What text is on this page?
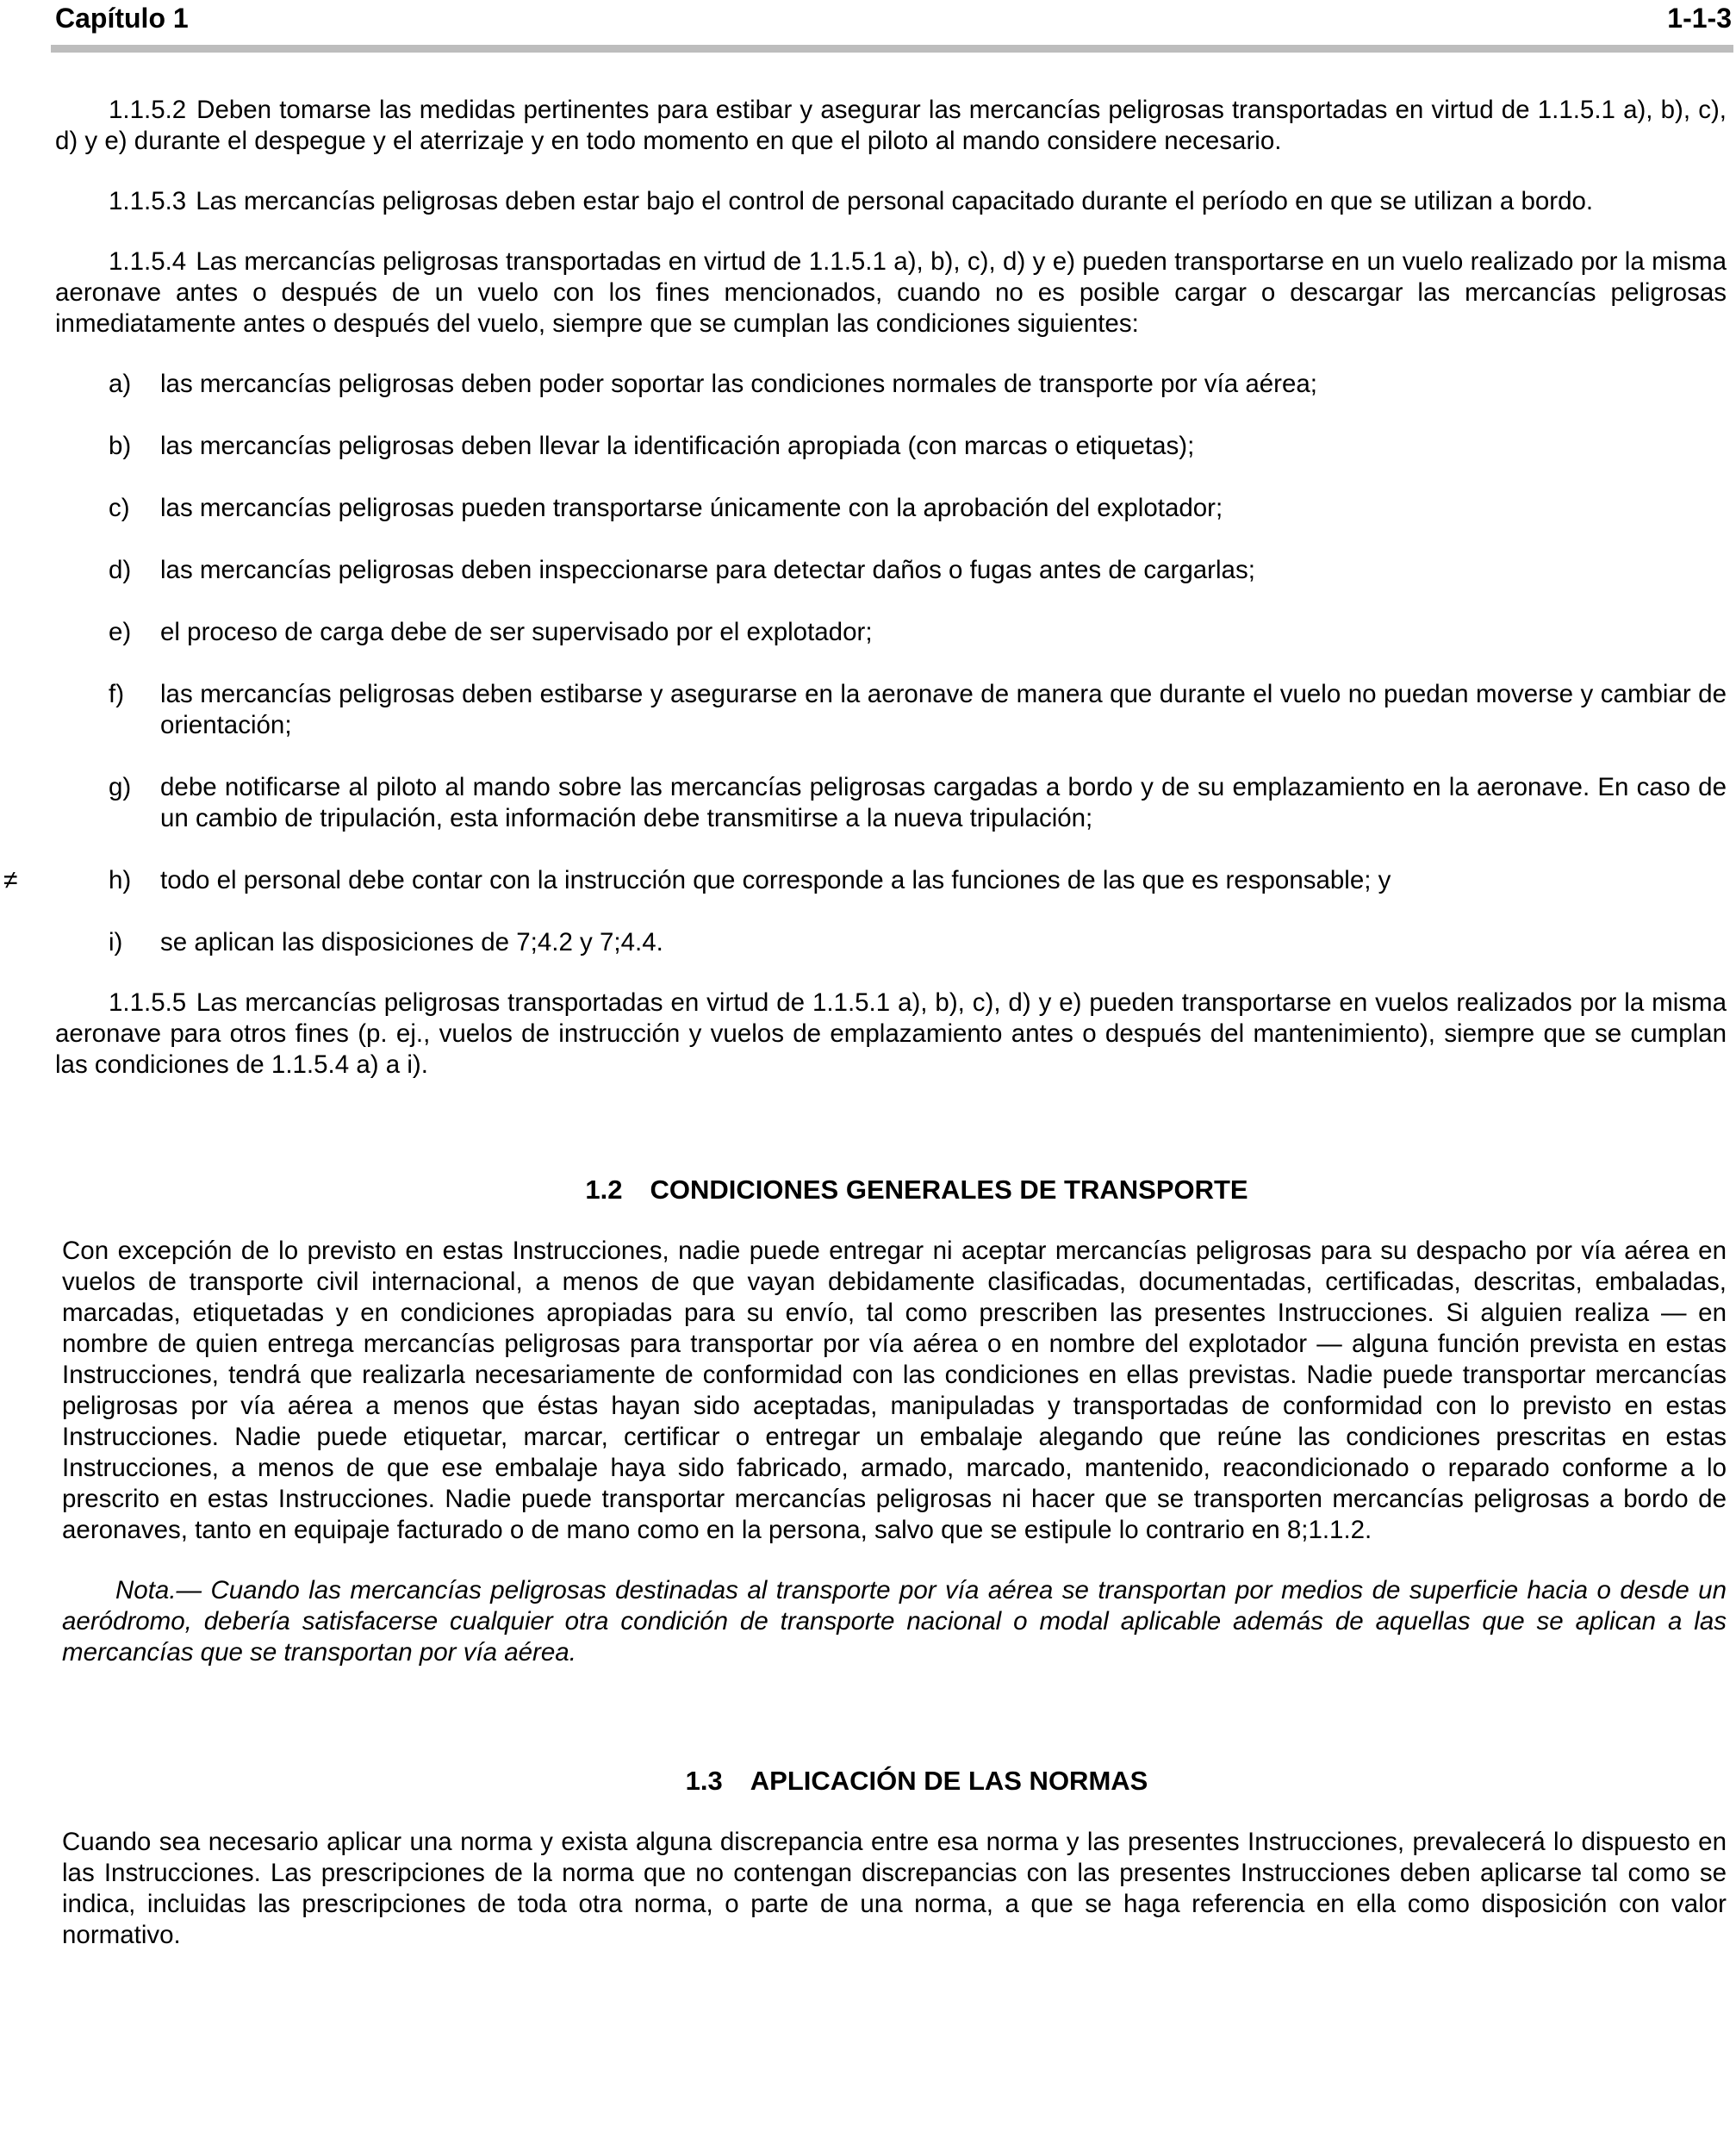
Capítulo 1	1-1-3

1.1.5.2 Deben tomarse las medidas pertinentes para estibar y asegurar las mercancías peligrosas transportadas en virtud de 1.1.5.1 a), b), c), d) y e) durante el despegue y el aterrizaje y en todo momento en que el piloto al mando considere necesario.

1.1.5.3 Las mercancías peligrosas deben estar bajo el control de personal capacitado durante el período en que se utilizan a bordo.

1.1.5.4 Las mercancías peligrosas transportadas en virtud de 1.1.5.1 a), b), c), d) y e) pueden transportarse en un vuelo realizado por la misma aeronave antes o después de un vuelo con los fines mencionados, cuando no es posible cargar o descargar las mercancías peligrosas inmediatamente antes o después del vuelo, siempre que se cumplan las condiciones siguientes:

a) las mercancías peligrosas deben poder soportar las condiciones normales de transporte por vía aérea;
b) las mercancías peligrosas deben llevar la identificación apropiada (con marcas o etiquetas);
c) las mercancías peligrosas pueden transportarse únicamente con la aprobación del explotador;
d) las mercancías peligrosas deben inspeccionarse para detectar daños o fugas antes de cargarlas;
e) el proceso de carga debe de ser supervisado por el explotador;
f) las mercancías peligrosas deben estibarse y asegurarse en la aeronave de manera que durante el vuelo no puedan moverse y cambiar de orientación;
g) debe notificarse al piloto al mando sobre las mercancías peligrosas cargadas a bordo y de su emplazamiento en la aeronave. En caso de un cambio de tripulación, esta información debe transmitirse a la nueva tripulación;
≠	h) todo el personal debe contar con la instrucción que corresponde a las funciones de las que es responsable; y
i) se aplican las disposiciones de 7;4.2 y 7;4.4.

1.1.5.5 Las mercancías peligrosas transportadas en virtud de 1.1.5.1 a), b), c), d) y e) pueden transportarse en vuelos realizados por la misma aeronave para otros fines (p. ej., vuelos de instrucción y vuelos de emplazamiento antes o después del mantenimiento), siempre que se cumplan las condiciones de 1.1.5.4 a) a i).

1.2 CONDICIONES GENERALES DE TRANSPORTE

Con excepción de lo previsto en estas Instrucciones, nadie puede entregar ni aceptar mercancías peligrosas para su despacho por vía aérea en vuelos de transporte civil internacional, a menos de que vayan debidamente clasificadas, documentadas, certificadas, descritas, embaladas, marcadas, etiquetadas y en condiciones apropiadas para su envío, tal como prescriben las presentes Instrucciones. Si alguien realiza — en nombre de quien entrega mercancías peligrosas para transportar por vía aérea o en nombre del explotador — alguna función prevista en estas Instrucciones, tendrá que realizarla necesariamente de conformidad con las condiciones en ellas previstas. Nadie puede transportar mercancías peligrosas por vía aérea a menos que éstas hayan sido aceptadas, manipuladas y transportadas de conformidad con lo previsto en estas Instrucciones. Nadie puede etiquetar, marcar, certificar o entregar un embalaje alegando que reúne las condiciones prescritas en estas Instrucciones, a menos de que ese embalaje haya sido fabricado, armado, marcado, mantenido, reacondicionado o reparado conforme a lo prescrito en estas Instrucciones. Nadie puede transportar mercancías peligrosas ni hacer que se transporten mercancías peligrosas a bordo de aeronaves, tanto en equipaje facturado o de mano como en la persona, salvo que se estipule lo contrario en 8;1.1.2.

Nota.— Cuando las mercancías peligrosas destinadas al transporte por vía aérea se transportan por medios de superficie hacia o desde un aeródromo, debería satisfacerse cualquier otra condición de transporte nacional o modal aplicable además de aquellas que se aplican a las mercancías que se transportan por vía aérea.

1.3 APLICACIÓN DE LAS NORMAS

Cuando sea necesario aplicar una norma y exista alguna discrepancia entre esa norma y las presentes Instrucciones, prevalecerá lo dispuesto en las Instrucciones. Las prescripciones de la norma que no contengan discrepancias con las presentes Instrucciones deben aplicarse tal como se indica, incluidas las prescripciones de toda otra norma, o parte de una norma, a que se haga referencia en ella como disposición con valor normativo.
